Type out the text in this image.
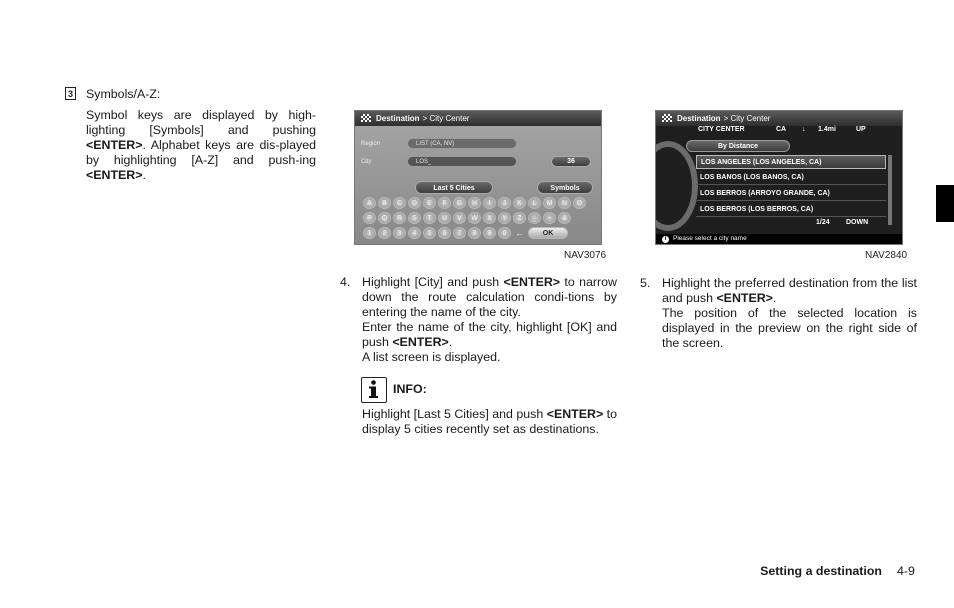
3 Symbols/A-Z:

Symbol keys are displayed by high-lighting [Symbols] and pushing <ENTER>. Alphabet keys are dis-played by highlighting [A-Z] and push-ing <ENTER>.

Destination > City Center
Region	LIST (CA, NV)
City	LOS_	36
Last 5 Cities	Symbols
A	B	C	D	E	F	G	H	I	J	K	L	M	N	O
P	Q	R	S	T	U	V	W	X	Y	Z	_	-	&
1	2	3	4	5	6	7	8	9	0 ←	OK
NAV3076
Destination > City Center
CITY CENTER	CA ↓ 1.4mi	UP
By Distance
LOS ANGELES (LOS ANGELES, CA)
LOS BANOS (LOS BANOS, CA)
LOS BERROS (ARROYO GRANDE, CA)
LOS BERROS (LOS BERROS, CA)
1/24 DOWN
i Please select a city name
NAV2840
4. Highlight [City] and push <ENTER> to narrow down the route calculation condi-tions by entering the name of the city.

Enter the name of the city, highlight [OK] and push <ENTER>.

A list screen is displayed.

INFO:

Highlight [Last 5 Cities] and push <ENTER> to display 5 cities recently set as destinations.

5. Highlight the preferred destination from the list and push <ENTER>.

The position of the selected location is displayed in the preview on the right side of the screen.

Setting a destination 4-9
